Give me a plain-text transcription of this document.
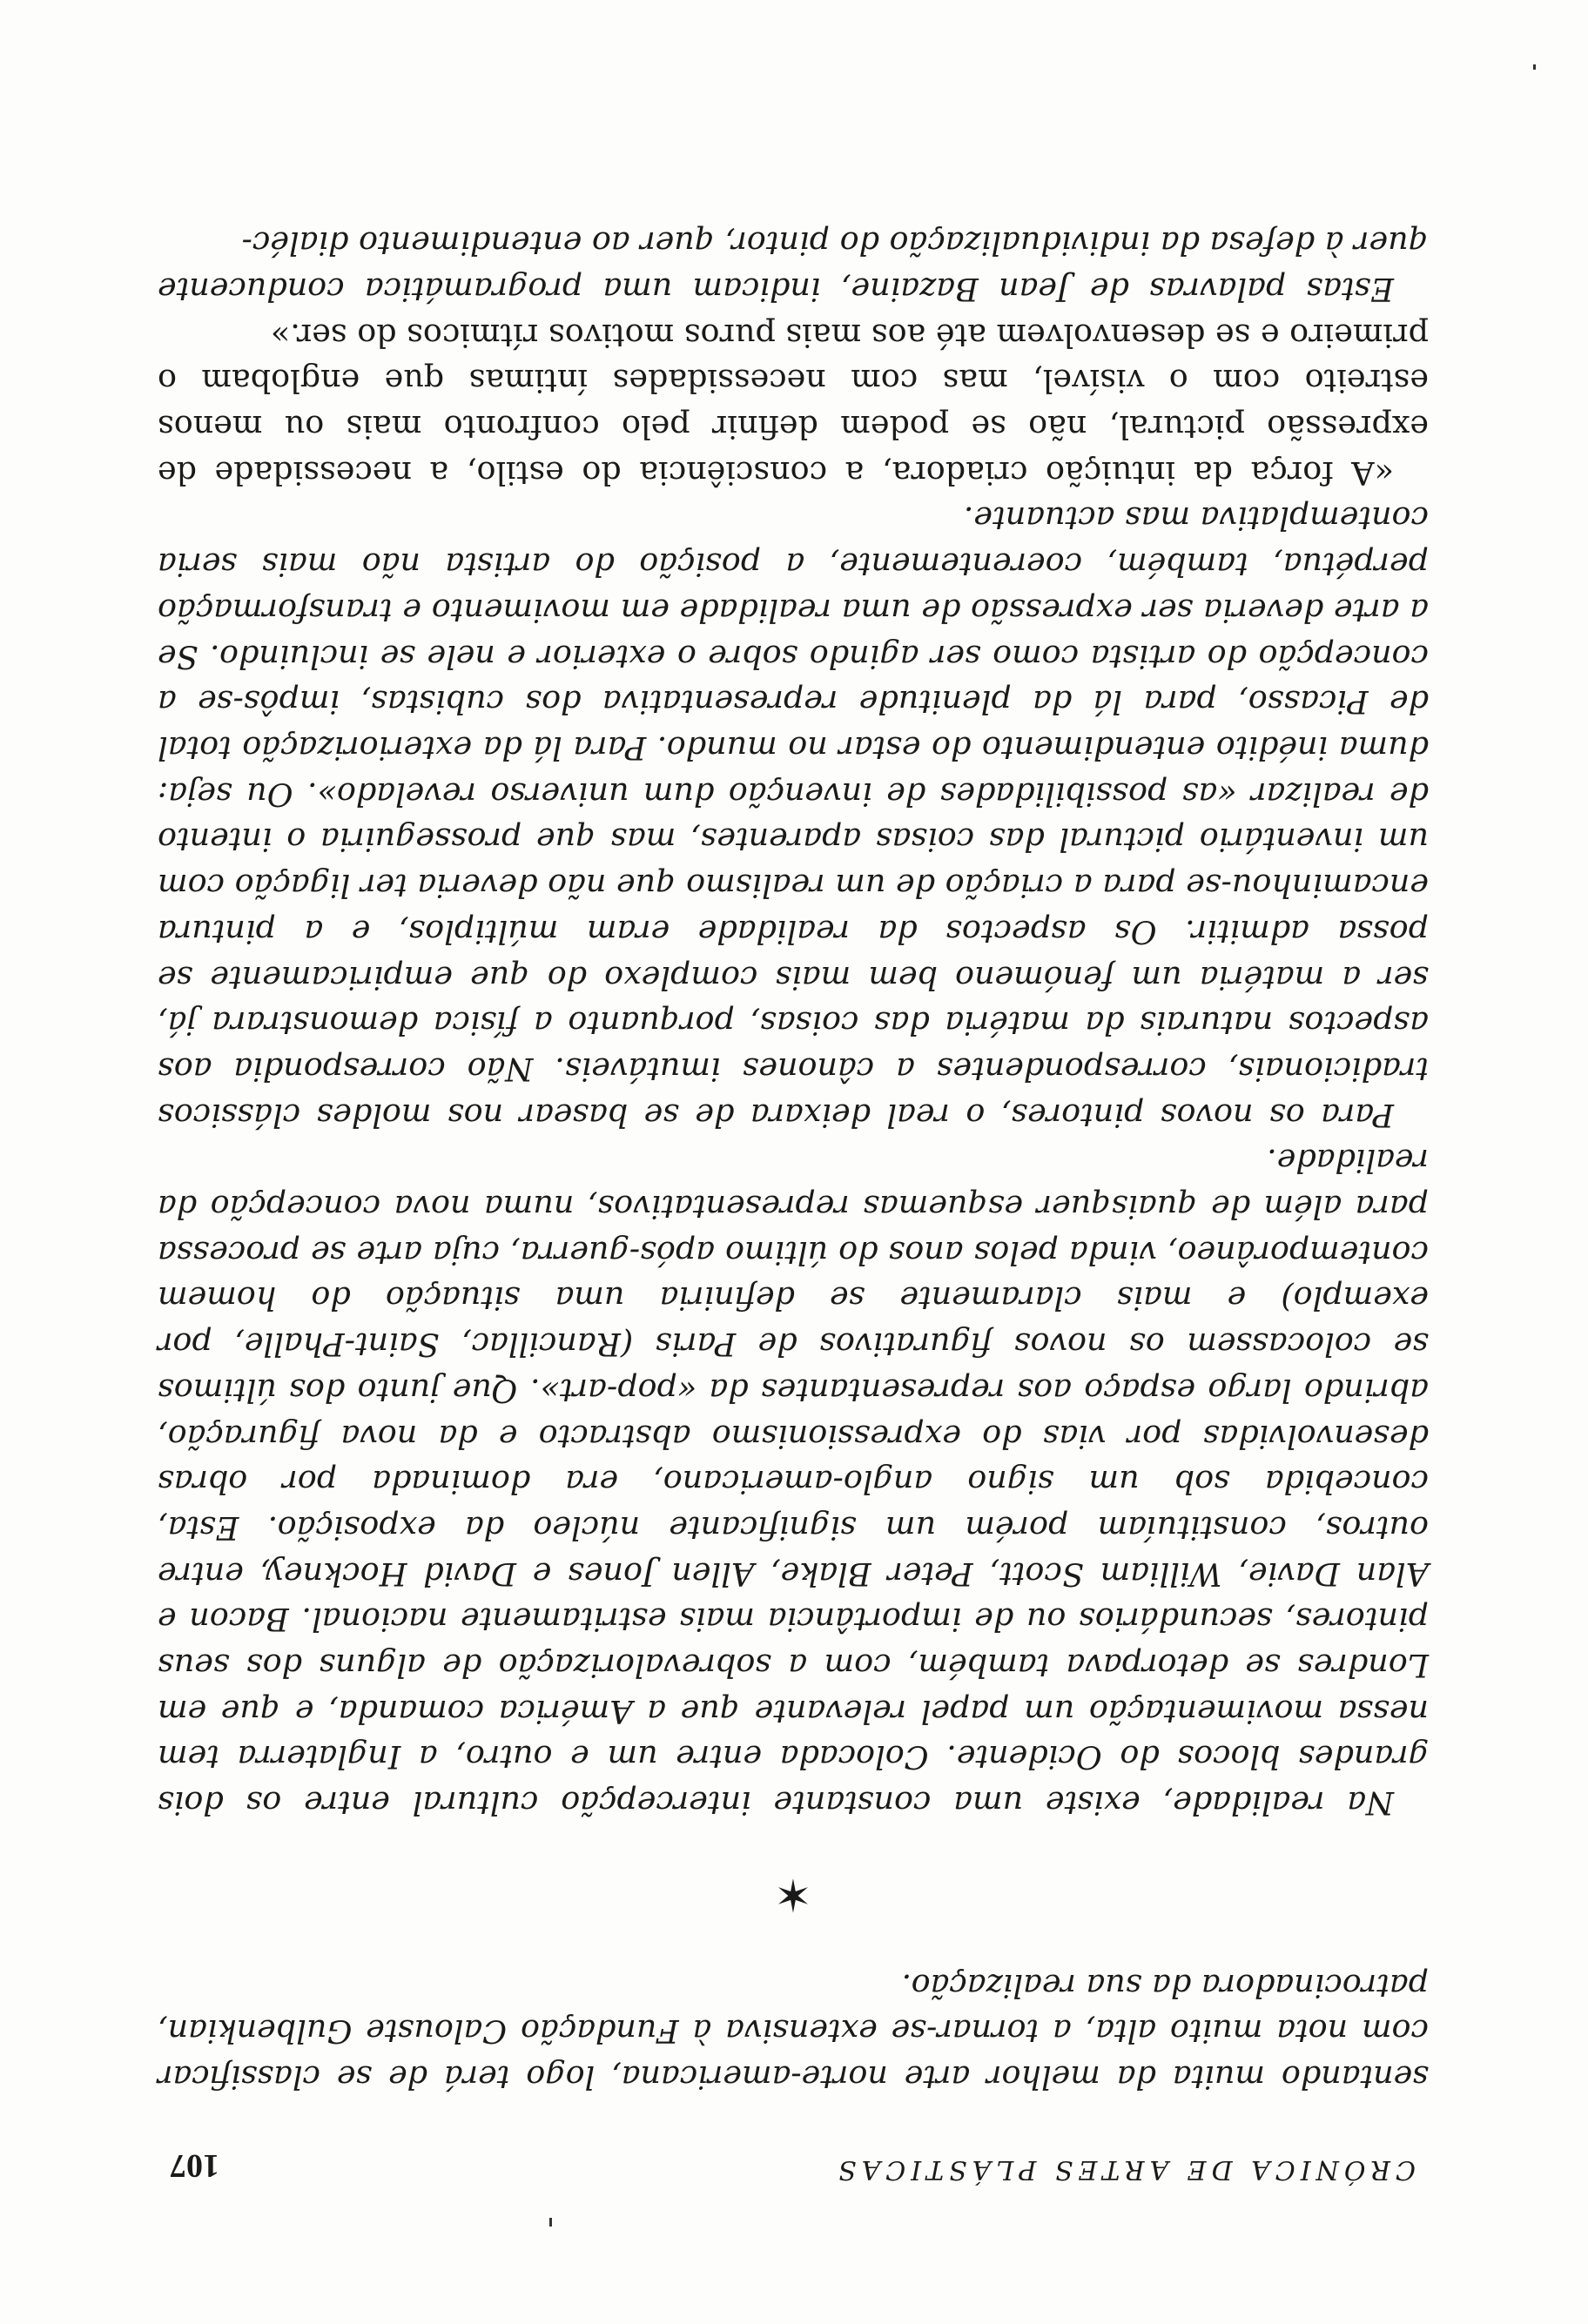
CRÓNICA DE ARTES PLÁSTICAS
107

sentando muita da melhor arte norte-americana, logo terá de se classificar com nota muito alta, a tornar-se extensiva à Fundação Calouste Gulbenkian, patrocinadora da sua realização.

✶

Na realidade, existe uma constante intercepção cultural entre os dois grandes blocos do Ocidente. Colocada entre um e outro, a Inglaterra tem nessa movimentação um papel relevante que a América comanda, e que em Londres se detorpava também, com a sobrevalorização de alguns dos seus pintores, secundários ou de importância mais estritamente nacional. Bacon e Alan Davie, William Scott, Peter Blake, Allen Jones e David Hockney, entre outros, constituíam porém um significante núcleo da exposição. Esta, concebida sob um signo anglo-americano, era dominada por obras desenvolvidas por vias do expressionismo abstracto e da nova figuração, abrindo largo espaço aos representantes da «pop-art». Que junto dos últimos se colocassem os novos figurativos de Paris (Rancillac, Saint-Phalle, por exemplo) e mais claramente se definiria uma situação do homem contemporâneo, vinda pelos anos do último após-guerra, cuja arte se processa para além de quaisquer esquemas representativos, numa nova concepção da realidade.

Para os novos pintores, o real deixara de se basear nos moldes clássicos tradicionais, correspondentes a cânones imutáveis. Não correspondia aos aspectos naturais da matéria das coisas, porquanto a física demonstrara já, ser a matéria um fenómeno bem mais complexo do que empiricamente se possa admitir. Os aspectos da realidade eram múltiplos, e a pintura encaminhou-se para a criação de um realismo que não deveria ter ligação com um inventário pictural das coisas aparentes, mas que prosseguiria o intento de realizar «as possibilidades de invenção dum universo revelado». Ou seja: duma inédito entendimento do estar no mundo. Para lá da exteriorização total de Picasso, para lá da plenitude representativa dos cubistas, impôs-se a concepção do artista como ser agindo sobre o exterior e nele se incluindo. Se a arte deveria ser expressão de uma realidade em movimento e transformação perpétua, também, coerentemente, a posição do artista não mais seria contemplativa mas actuante.

«A força da intuição criadora, a consciência do estilo, a necessidade de expressão pictural, não se podem definir pelo confronto mais ou menos estreito com o visível, mas com necessidades íntimas que englobam o primeiro e se desenvolvem até aos mais puros motivos rítmicos do ser.»

Estas palavras de Jean Bazaine, indicam uma programática conducente quer à defesa da individualização do pintor, quer ao entendimento dialéc-
